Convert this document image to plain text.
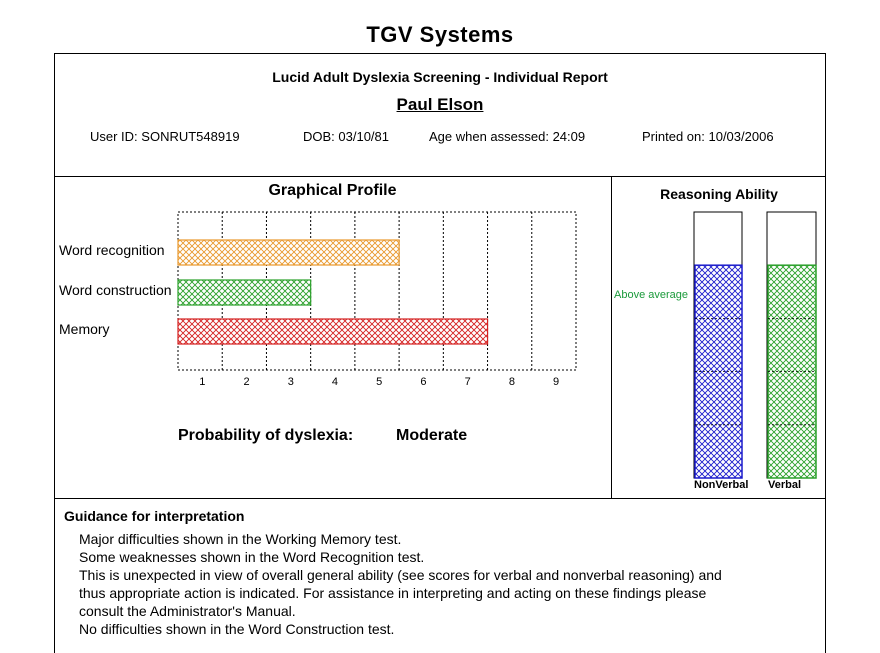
TGV Systems
Lucid Adult Dyslexia Screening - Individual Report
Paul Elson
User ID: SONRUT548919	DOB: 03/10/81	Age when assessed: 24:09	Printed on: 10/03/2006
Graphical Profile
Word recognition
Word construction
Memory
1	2	3	4	5	6	7	8	9
Probability of dyslexia:	Moderate
Reasoning Ability
Above average
NonVerbal Verbal
Guidance for interpretation
Major difficulties shown in the Working Memory test.
Some weaknesses shown in the Word Recognition test.
This is unexpected in view of overall general ability (see scores for verbal and nonverbal reasoning) and
thus appropriate action is indicated. For assistance in interpreting and acting on these findings please
consult the Administrator's Manual.
No difficulties shown in the Word Construction test.
